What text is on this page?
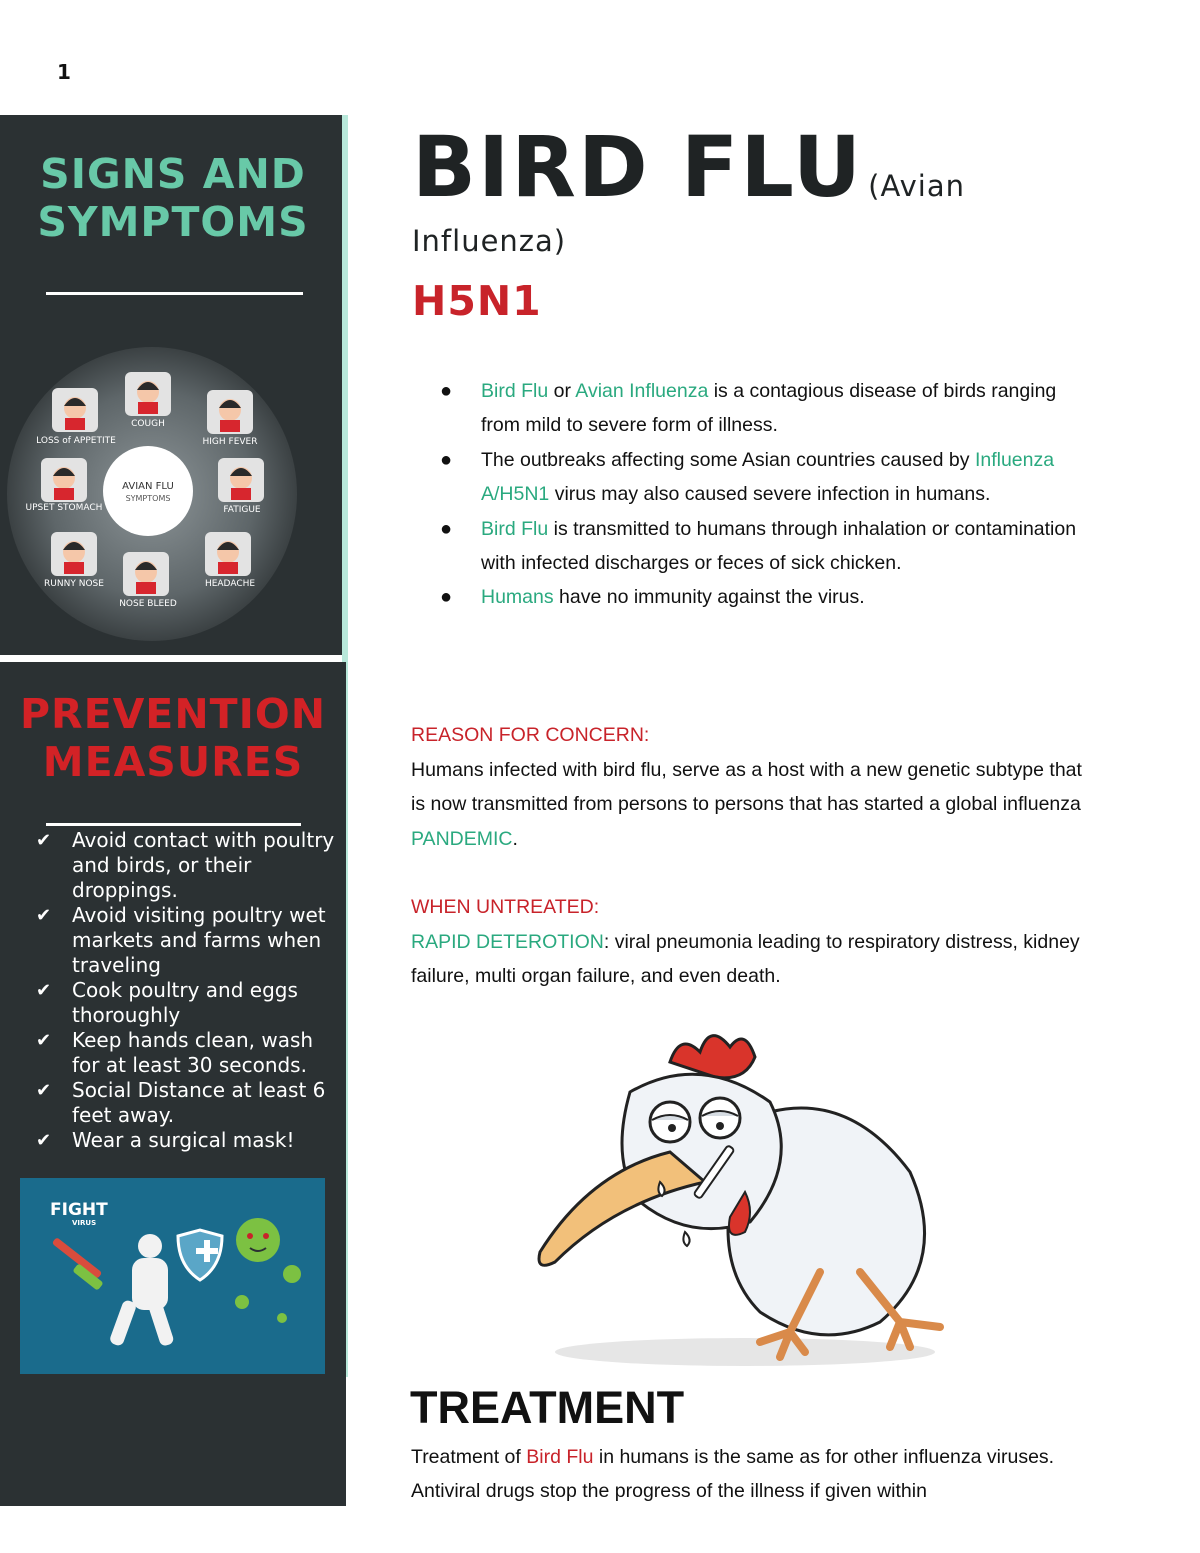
1
SIGNS AND
SYMPTOMS
AVIAN FLU
SYMPTOMS
COUGH
HIGH FEVER
FATIGUE
HEADACHE
NOSE BLEED
RUNNY NOSE
UPSET STOMACH
LOSS of APPETITE
PREVENTION
MEASURES
✔ Avoid contact with poultry and birds, or their droppings.
✔ Avoid visiting poultry wet markets and farms when traveling
✔ Cook poultry and eggs thoroughly
✔ Keep hands clean, wash for at least 30 seconds.
✔ Social Distance at least 6 feet away.
✔ Wear a surgical mask!
FIGHT
VIRUS
BIRD FLU (Avian
Influenza)
H5N1
● Bird Flu or Avian Influenza is a contagious disease of birds ranging from mild to severe form of illness.
● The outbreaks affecting some Asian countries caused by Influenza A/H5N1 virus may also caused severe infection in humans.
● Bird Flu is transmitted to humans through inhalation or contamination with infected discharges or feces of sick chicken.
● Humans have no immunity against the virus.
REASON FOR CONCERN:
Humans infected with bird flu, serve as a host with a new genetic subtype that is now transmitted from persons to persons that has started a global influenza PANDEMIC.
WHEN UNTREATED:
RAPID DETEROTION: viral pneumonia leading to respiratory distress, kidney failure, multi organ failure, and even death.
TREATMENT
Treatment of Bird Flu in humans is the same as for other influenza viruses. Antiviral drugs stop the progress of the illness if given within
